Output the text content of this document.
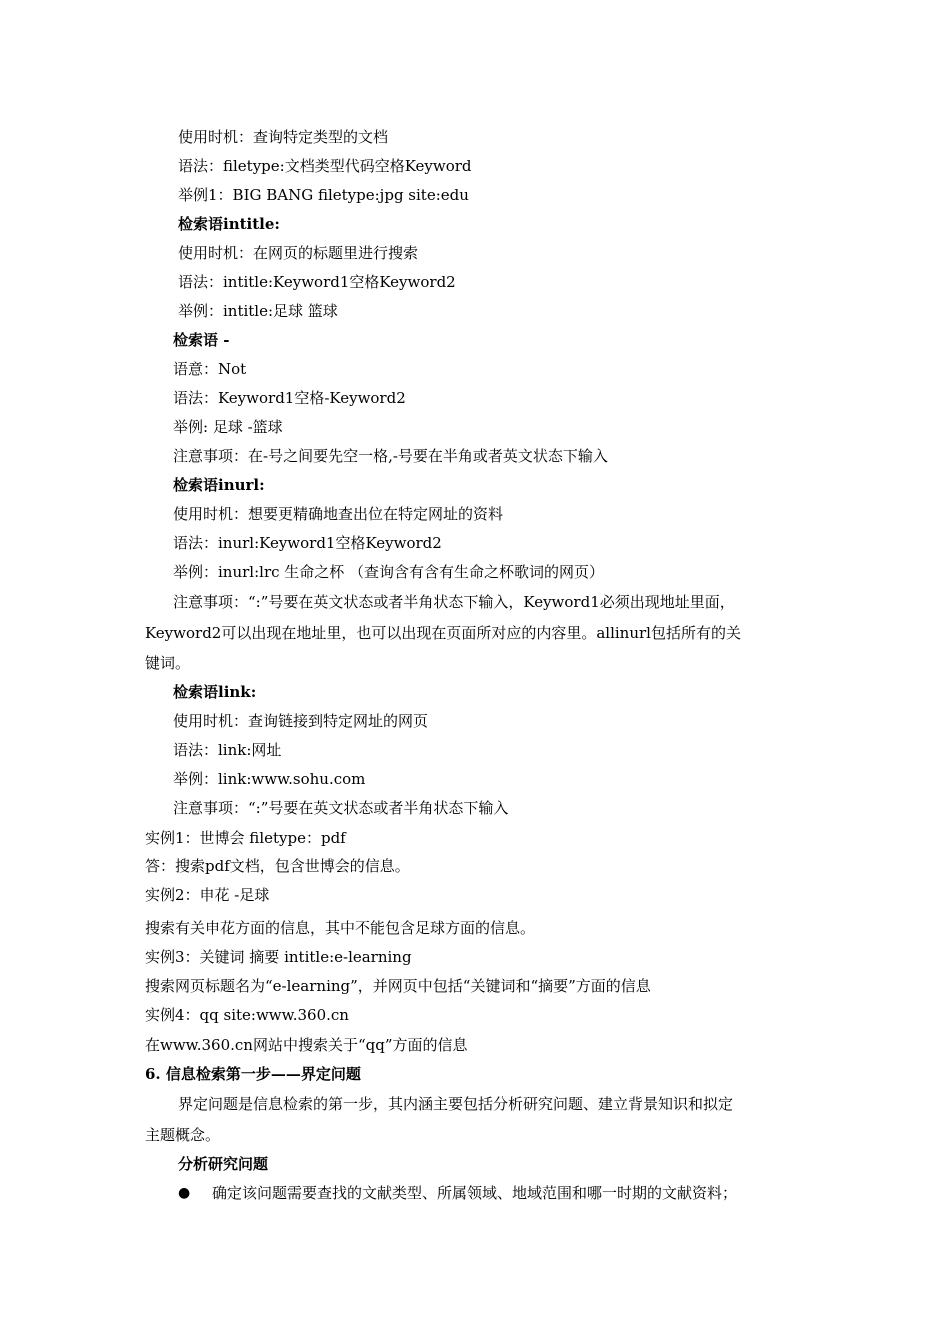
使用时机：查询特定类型的文档
语法：filetype:文档类型代码空格Keyword
举例1：BIG BANG filetype:jpg site:edu
检索语intitle:
使用时机：在网页的标题里进行搜索
语法：intitle:Keyword1空格Keyword2
举例：intitle:足球 篮球
检索语 -
语意：Not
语法：Keyword1空格-Keyword2
举例: 足球 -篮球
注意事项：在-号之间要先空一格,-号要在半角或者英文状态下输入
检索语inurl:
使用时机：想要更精确地查出位在特定网址的资料
语法：inurl:Keyword1空格Keyword2
举例：inurl:lrc 生命之杯 （查询含有含有生命之杯歌词的网页）
注意事项：“:”号要在英文状态或者半角状态下输入，Keyword1必须出现地址里面，
Keyword2可以出现在地址里，也可以出现在页面所对应的内容里。allinurl包括所有的关
键词。
检索语link:
使用时机：查询链接到特定网址的网页
语法：link:网址
举例：link:www.sohu.com
注意事项：“:”号要在英文状态或者半角状态下输入
实例1：世博会 filetype：pdf
答：搜索pdf文档，包含世博会的信息。
实例2：申花 -足球
搜索有关申花方面的信息，其中不能包含足球方面的信息。
实例3：关键词 摘要 intitle:e-learning
搜索网页标题名为“e-learning”，并网页中包括“关键词和“摘要”方面的信息
实例4：qq site:www.360.cn
在www.360.cn网站中搜索关于“qq”方面的信息
6. 信息检索第一步——界定问题
界定问题是信息检索的第一步，其内涵主要包括分析研究问题、建立背景知识和拟定
主题概念。
分析研究问题
● 确定该问题需要查找的文献类型、所属领域、地域范围和哪一时期的文献资料；
